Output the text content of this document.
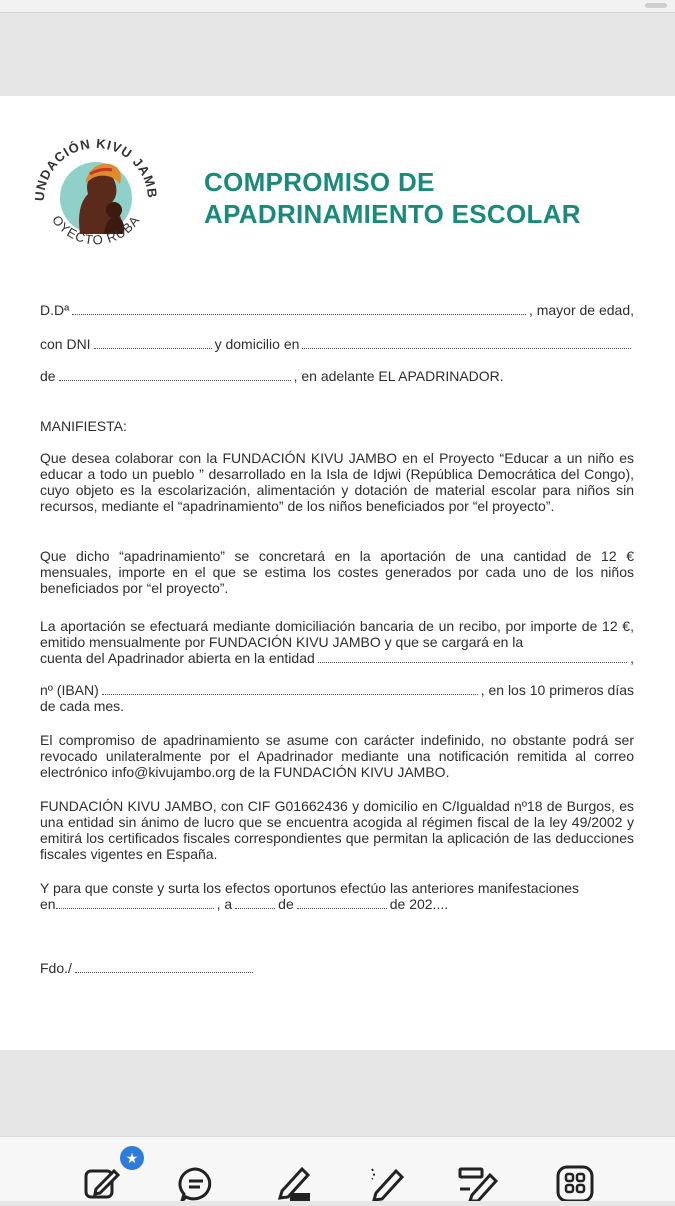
UNDACIÓN KIVU JAMB
OYECTO RUBA
COMPROMISO DE
APADRINAMIENTO ESCOLAR
D.Dª	, mayor de edad,
con DNI	y domicilio en
de	, en adelante EL APADRINADOR.
MANIFIESTA:
Que desea colaborar con la FUNDACIÓN KIVU JAMBO en el Proyecto “Educar a un niño es educar a todo un pueblo ” desarrollado en la Isla de Idjwi (República Democrática del Congo), cuyo objeto es la escolarización, alimentación y dotación de material escolar para niños sin recursos, mediante el “apadrinamiento” de los niños beneficiados por “el proyecto”.
Que dicho “apadrinamiento” se concretará en la aportación de una cantidad de 12 € mensuales, importe en el que se estima los costes generados por cada uno de los niños beneficiados por “el proyecto”.
La aportación se efectuará mediante domiciliación bancaria de un recibo, por importe de 12 €, emitido mensualmente por FUNDACIÓN KIVU JAMBO y que se cargará en la
cuenta del Apadrinador abierta en la entidad	,
nº (IBAN)	, en los 10 primeros días
de cada mes.
El compromiso de apadrinamiento se asume con carácter indefinido, no obstante podrá ser revocado unilateralmente por el Apadrinador mediante una notificación remitida al correo electrónico info@kivujambo.org de la FUNDACIÓN KIVU JAMBO.
FUNDACIÓN KIVU JAMBO, con CIF G01662436 y domicilio en C/Igualdad nº18 de Burgos, es una entidad sin ánimo de lucro que se encuentra acogida al régimen fiscal de la ley 49/2002 y emitirá los certificados fiscales correspondientes que permitan la aplicación de las deducciones fiscales vigentes en España.
Y para que conste y surta los efectos oportunos efectúo las anteriores manifestaciones
en	, a	de	de 202....
Fdo./
★
